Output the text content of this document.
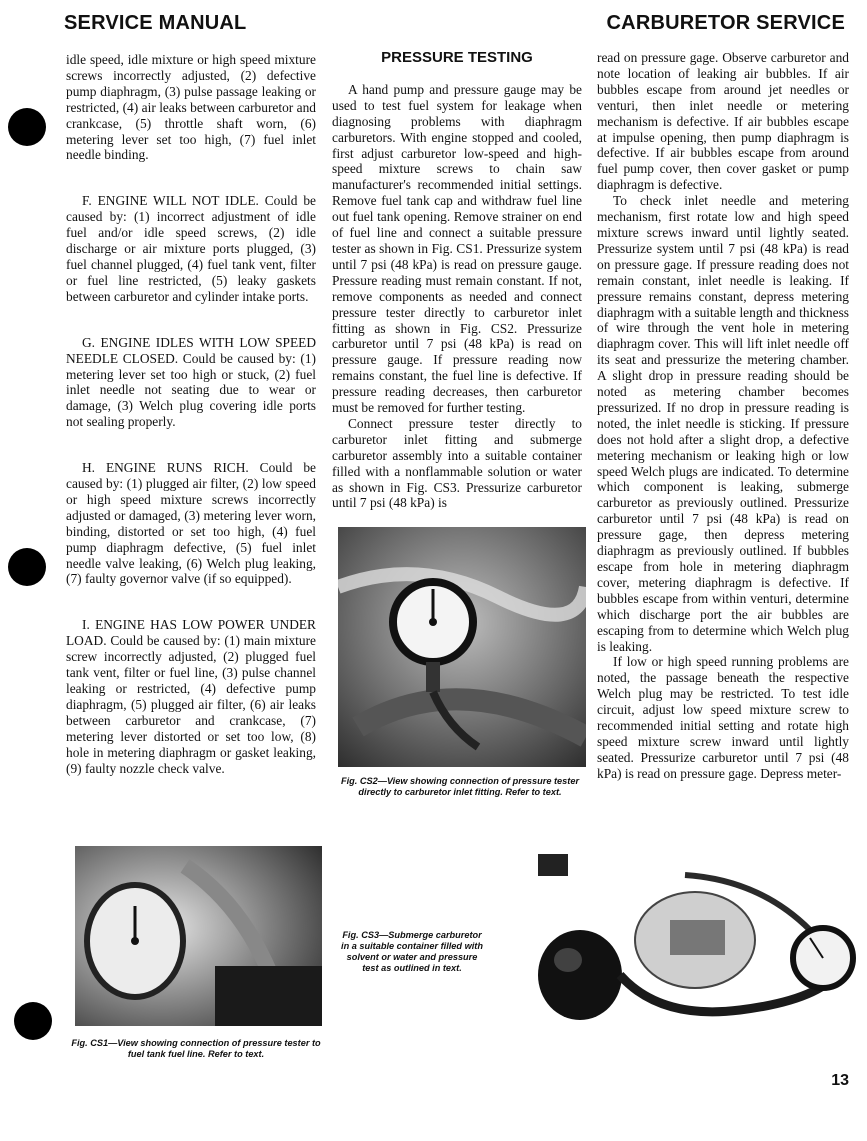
SERVICE MANUAL	CARBURETOR SERVICE

idle speed, idle mixture or high speed mixture screws incorrectly adjusted, (2) defective pump diaphragm, (3) pulse passage leaking or restricted, (4) air leaks between carburetor and crankcase, (5) throttle shaft worn, (6) metering lever set too high, (7) fuel inlet needle binding.

F. ENGINE WILL NOT IDLE. Could be caused by: (1) incorrect adjustment of idle fuel and/or idle speed screws, (2) idle discharge or air mixture ports plugged, (3) fuel channel plugged, (4) fuel tank vent, filter or fuel line restricted, (5) leaky gaskets between carburetor and cylinder intake ports.

G. ENGINE IDLES WITH LOW SPEED NEEDLE CLOSED. Could be caused by: (1) metering lever set too high or stuck, (2) fuel inlet needle not seating due to wear or damage, (3) Welch plug covering idle ports not sealing properly.

H. ENGINE RUNS RICH. Could be caused by: (1) plugged air filter, (2) low speed or high speed mixture screws incorrectly adjusted or damaged, (3) metering lever worn, binding, distorted or set too high, (4) fuel pump diaphragm defective, (5) fuel inlet needle valve leaking, (6) Welch plug leaking, (7) faulty governor valve (if so equipped).

I. ENGINE HAS LOW POWER UNDER LOAD. Could be caused by: (1) main mixture screw incorrectly adjusted, (2) plugged fuel tank vent, filter or fuel line, (3) pulse channel leaking or restricted, (4) defective pump diaphragm, (5) plugged air filter, (6) air leaks between carburetor and crankcase, (7) metering lever distorted or set too low, (8) hole in metering diaphragm or gasket leaking, (9) faulty nozzle check valve.

PRESSURE TESTING

A hand pump and pressure gauge may be used to test fuel system for leakage when diagnosing problems with diaphragm carburetors. With engine stopped and cooled, first adjust carburetor low-speed and high-speed mixture screws to chain saw manufacturer's recommended initial settings. Remove fuel tank cap and withdraw fuel line out fuel tank opening. Remove strainer on end of fuel line and connect a suitable pressure tester as shown in Fig. CS1. Pressurize system until 7 psi (48 kPa) is read on pressure gauge. Pressure reading must remain constant. If not, remove components as needed and connect pressure tester directly to carburetor inlet fitting as shown in Fig. CS2. Pressurize carburetor until 7 psi (48 kPa) is read on pressure gauge. If pressure reading now remains constant, the fuel line is defective. If pressure reading decreases, then carburetor must be removed for further testing.

Connect pressure tester directly to carburetor inlet fitting and submerge carburetor assembly into a suitable container filled with a nonflammable solution or water as shown in Fig. CS3. Pressurize carburetor until 7 psi (48 kPa) is

read on pressure gage. Observe carburetor and note location of leaking air bubbles. If air bubbles escape from around jet needles or venturi, then inlet needle or metering mechanism is defective. If air bubbles escape at impulse opening, then pump diaphragm is defective. If air bubbles escape from around fuel pump cover, then cover gasket or pump diaphragm is defective.

To check inlet needle and metering mechanism, first rotate low and high speed mixture screws inward until lightly seated. Pressurize system until 7 psi (48 kPa) is read on pressure gage. If pressure reading does not remain constant, inlet needle is leaking. If pressure remains constant, depress metering diaphragm with a suitable length and thickness of wire through the vent hole in metering diaphragm cover. This will lift inlet needle off its seat and pressurize the metering chamber. A slight drop in pressure reading should be noted as metering chamber becomes pressurized. If no drop in pressure reading is noted, the inlet needle is sticking. If pressure does not hold after a slight drop, a defective metering mechanism or leaking high or low speed Welch plugs are indicated. To determine which component is leaking, submerge carburetor as previously outlined. Pressurize carburetor until 7 psi (48 kPa) is read on pressure gage, then depress metering diaphragm as previously outlined. If bubbles escape from hole in metering diaphragm cover, metering diaphragm is defective. If bubbles escape from within venturi, determine which discharge port the air bubbles are escaping from to determine which Welch plug is leaking.

If low or high speed running problems are noted, the passage beneath the respective Welch plug may be restricted. To test idle circuit, adjust low speed mixture screw to recommended initial setting and rotate high speed mixture screw inward until lightly seated. Pressurize carburetor until 7 psi (48 kPa) is read on pressure gage. Depress meter-

Fig. CS2—View showing connection of pressure tester directly to carburetor inlet fitting. Refer to text.
Fig. CS1—View showing connection of pressure tester to fuel tank fuel line. Refer to text.
Fig. CS3—Submerge carburetor in a suitable container filled with solvent or water and pressure test as outlined in text.
13
